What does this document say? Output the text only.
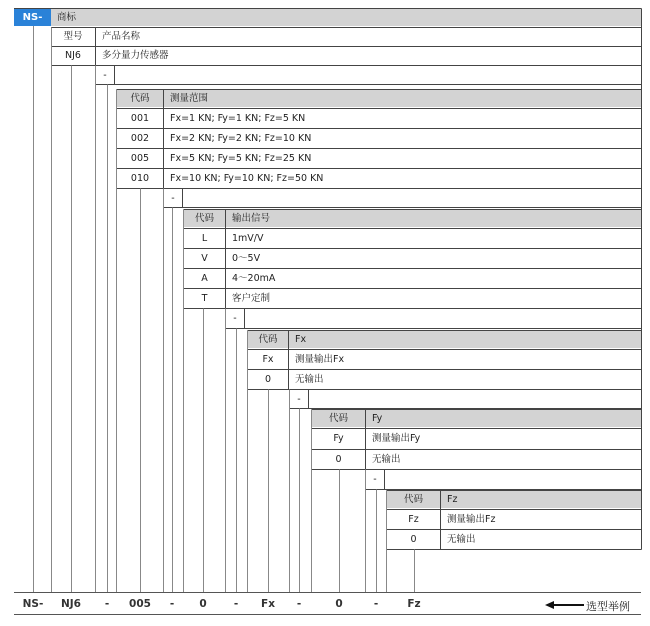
NS-	商标
型号	产品名称
NJ6	多分量力传感器
-
代码	测量范围
001	Fx=1 KN; Fy=1 KN; Fz=5 KN
002	Fx=2 KN; Fy=2 KN; Fz=10 KN
005	Fx=5 KN; Fy=5 KN; Fz=25 KN
010	Fx=10 KN; Fy=10 KN; Fz=50 KN
-
代码	输出信号
L	1mV/V
V	0～5V
A	4～20mA
T	客户定制
-
代码	Fx
Fx	测量输出Fx
0	无输出
-
代码	Fy
Fy	测量输出Fy
0	无输出
-
代码	Fz
Fz	测量输出Fz
0	无输出
NS- NJ6 - 005 - 0	- Fx -	0	-	Fz	选型举例
